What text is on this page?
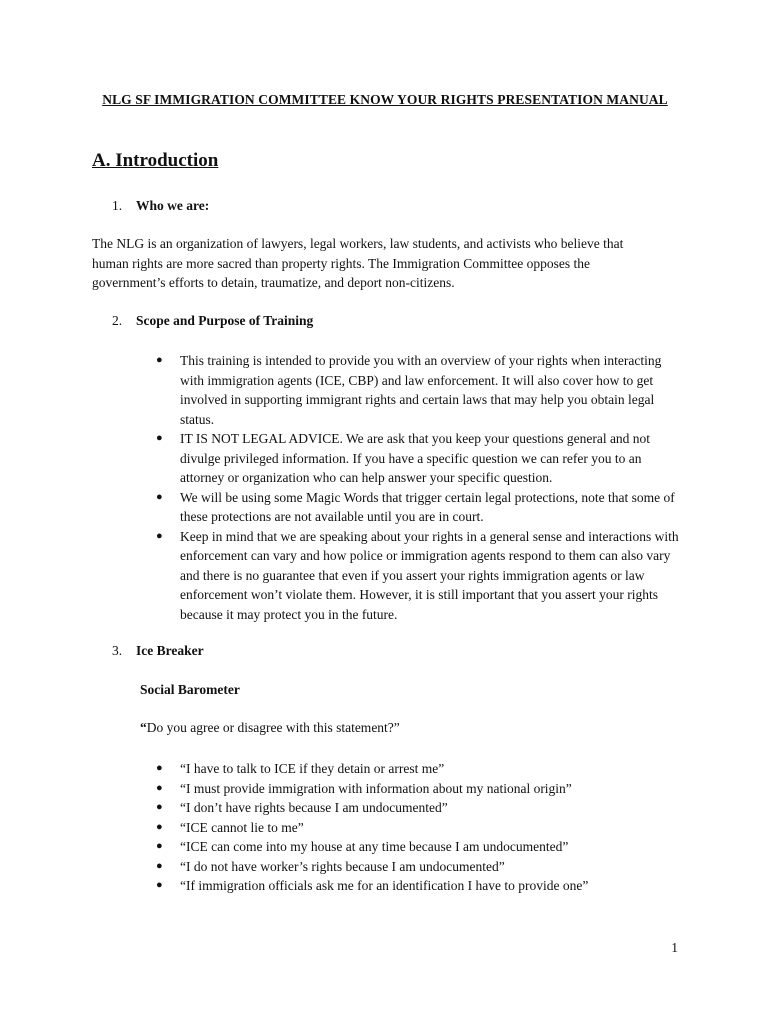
NLG SF IMMIGRATION COMMITTEE KNOW YOUR RIGHTS PRESENTATION MANUAL
A. Introduction
1. Who we are:

The NLG is an organization of lawyers, legal workers, law students, and activists who believe that human rights are more sacred than property rights. The Immigration Committee opposes the government’s efforts to detain, traumatize, and deport non-citizens.

2. Scope and Purpose of Training
● This training is intended to provide you with an overview of your rights when interacting with immigration agents (ICE, CBP) and law enforcement. It will also cover how to get involved in supporting immigrant rights and certain laws that may help you obtain legal status.
● IT IS NOT LEGAL ADVICE. We are ask that you keep your questions general and not divulge privileged information. If you have a specific question we can refer you to an attorney or organization who can help answer your specific question.
● We will be using some Magic Words that trigger certain legal protections, note that some of these protections are not available until you are in court.
● Keep in mind that we are speaking about your rights in a general sense and interactions with enforcement can vary and how police or immigration agents respond to them can also vary and there is no guarantee that even if you assert your rights immigration agents or law enforcement won’t violate them. However, it is still important that you assert your rights because it may protect you in the future.
3. Ice Breaker
Social Barometer
“Do you agree or disagree with this statement?”
● “I have to talk to ICE if they detain or arrest me”
● “I must provide immigration with information about my national origin”
● “I don’t have rights because I am undocumented”
● “ICE cannot lie to me”
● “ICE can come into my house at any time because I am undocumented”
● “I do not have worker’s rights because I am undocumented”
● “If immigration officials ask me for an identification I have to provide one”
1
